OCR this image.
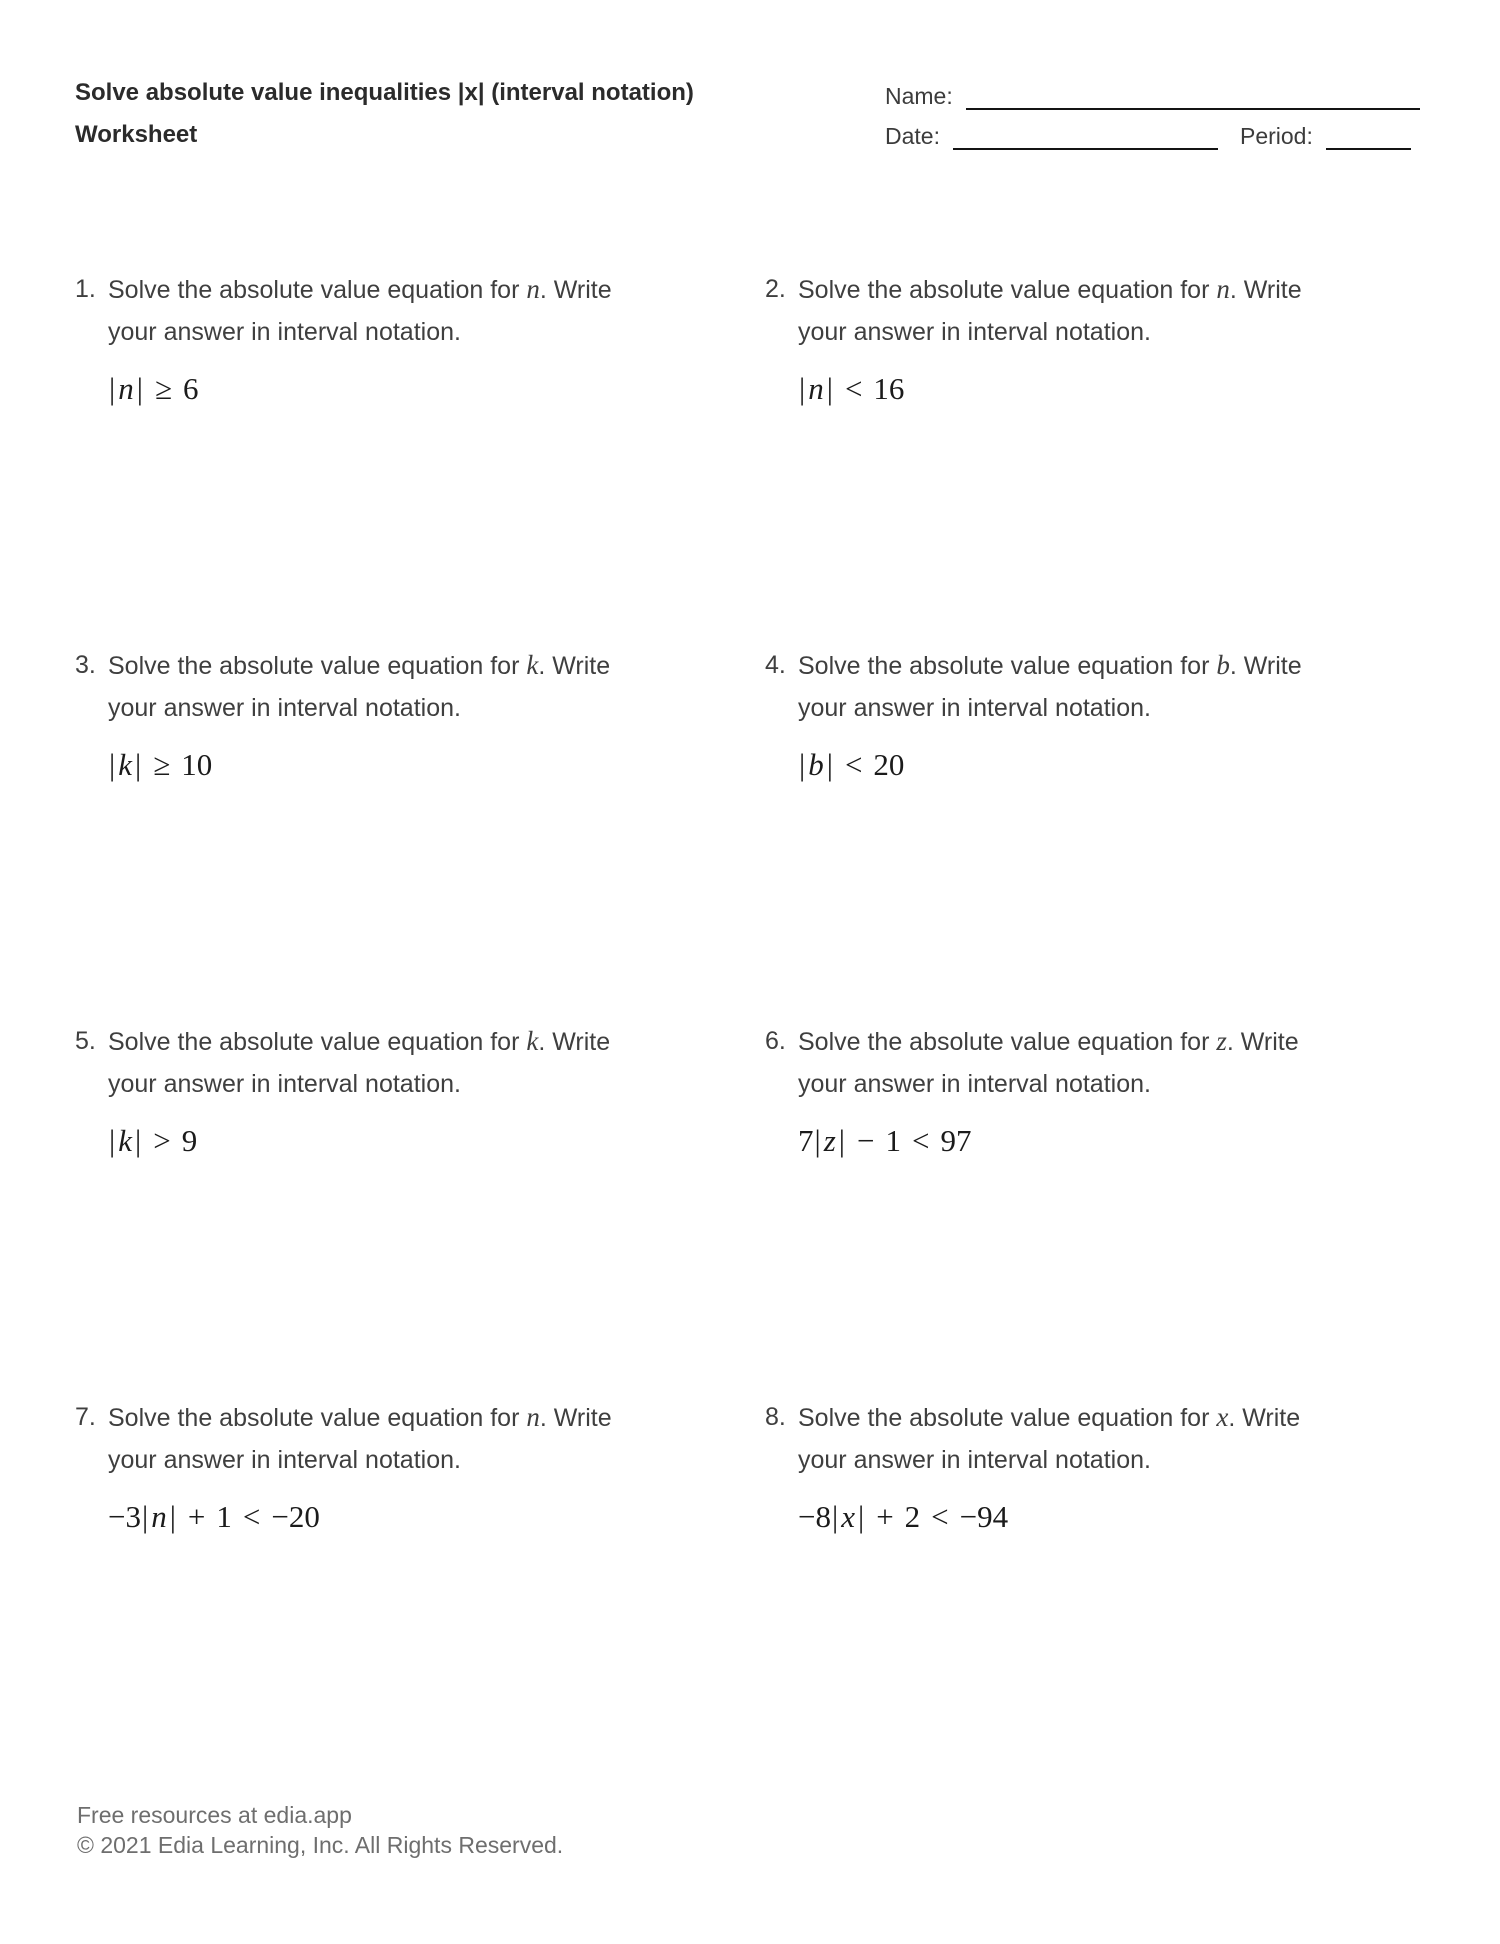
Solve absolute value inequalities |x| (interval notation)
Worksheet
Name:
Date:	Period:
1. Solve the absolute value equation for n. Write
your answer in interval notation.
|n| ≥ 6
2. Solve the absolute value equation for n. Write
your answer in interval notation.
|n| < 16
3. Solve the absolute value equation for k. Write
your answer in interval notation.
|k| ≥ 10
4. Solve the absolute value equation for b. Write
your answer in interval notation.
|b| < 20
5. Solve the absolute value equation for k. Write
your answer in interval notation.
|k| > 9
6. Solve the absolute value equation for z. Write
your answer in interval notation.
7|z| − 1 < 97
7. Solve the absolute value equation for n. Write
your answer in interval notation.
−3|n| + 1 < −20
8. Solve the absolute value equation for x. Write
your answer in interval notation.
−8|x| + 2 < −94
Free resources at edia.app
© 2021 Edia Learning, Inc. All Rights Reserved.
